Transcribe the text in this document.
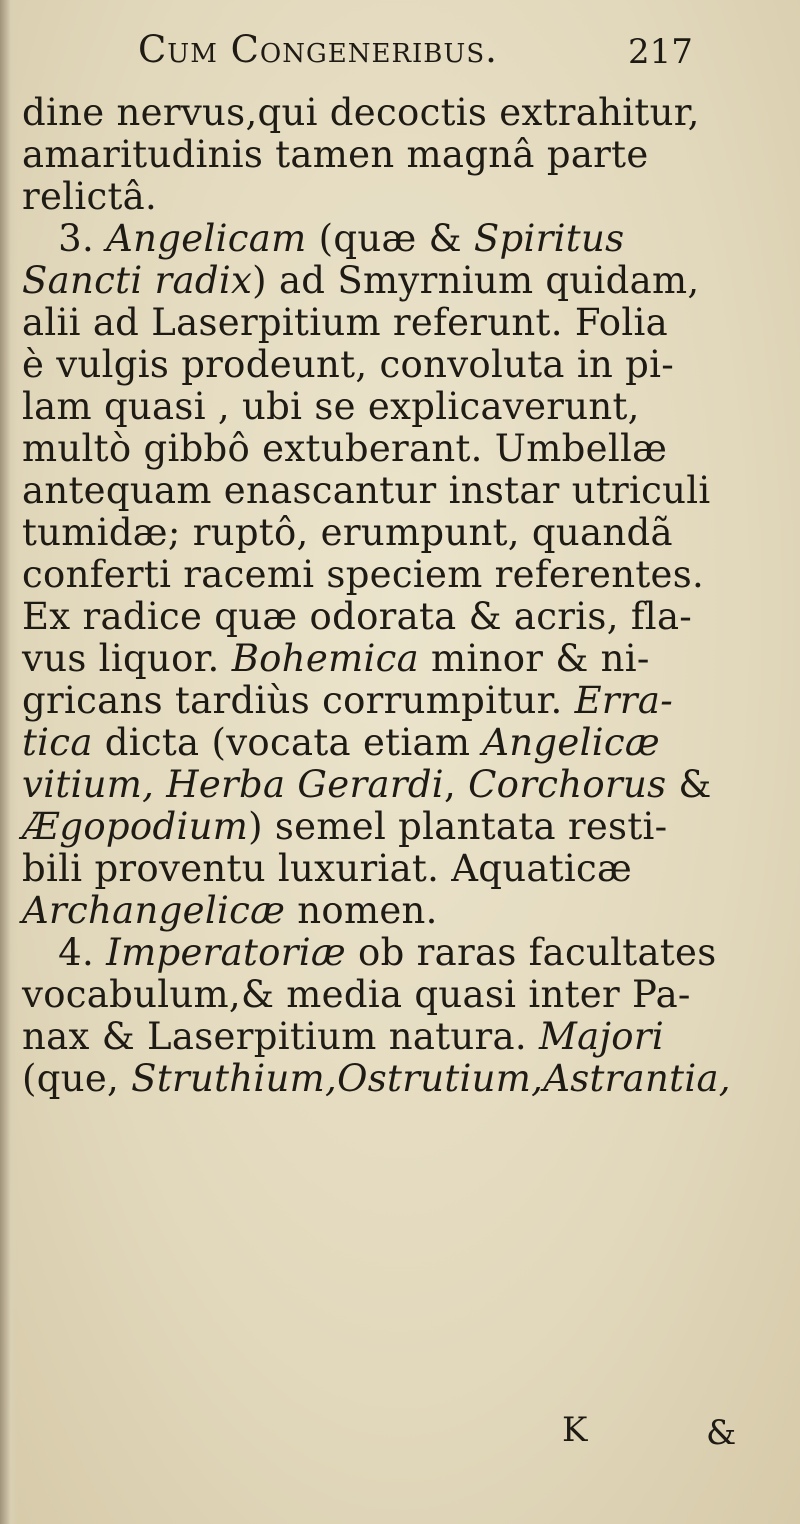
Cum Congeneribus.	217
dine nervus,qui decoctis extrahitur,
amaritudinis tamen magnâ parte
relictâ.
3. Angelicam (quæ & Spiritus
Sancti radix) ad Smyrnium quidam,
alii ad Laserpitium referunt. Folia
è vulgis prodeunt, convoluta in pi-
lam quasi , ubi se explicaverunt,
multò gibbô extuberant. Umbellæ
antequam enascantur instar utriculi
tumidæ; ruptô, erumpunt, quandã
conferti racemi speciem referentes.
Ex radice quæ odorata & acris, fla-
vus liquor. Bohemica minor & ni-
gricans tardiùs corrumpitur. Erra-
tica dicta (vocata etiam Angelicæ
vitium, Herba Gerardi, Corchorus &
Ægopodium) semel plantata resti-
bili proventu luxuriat. Aquaticæ
Archangelicæ nomen.
4. Imperatoriæ ob raras facultates
vocabulum,& media quasi inter Pa-
nax & Laserpitium natura. Majori
(que, Struthium,Ostrutium,Astrantia,
K	&
